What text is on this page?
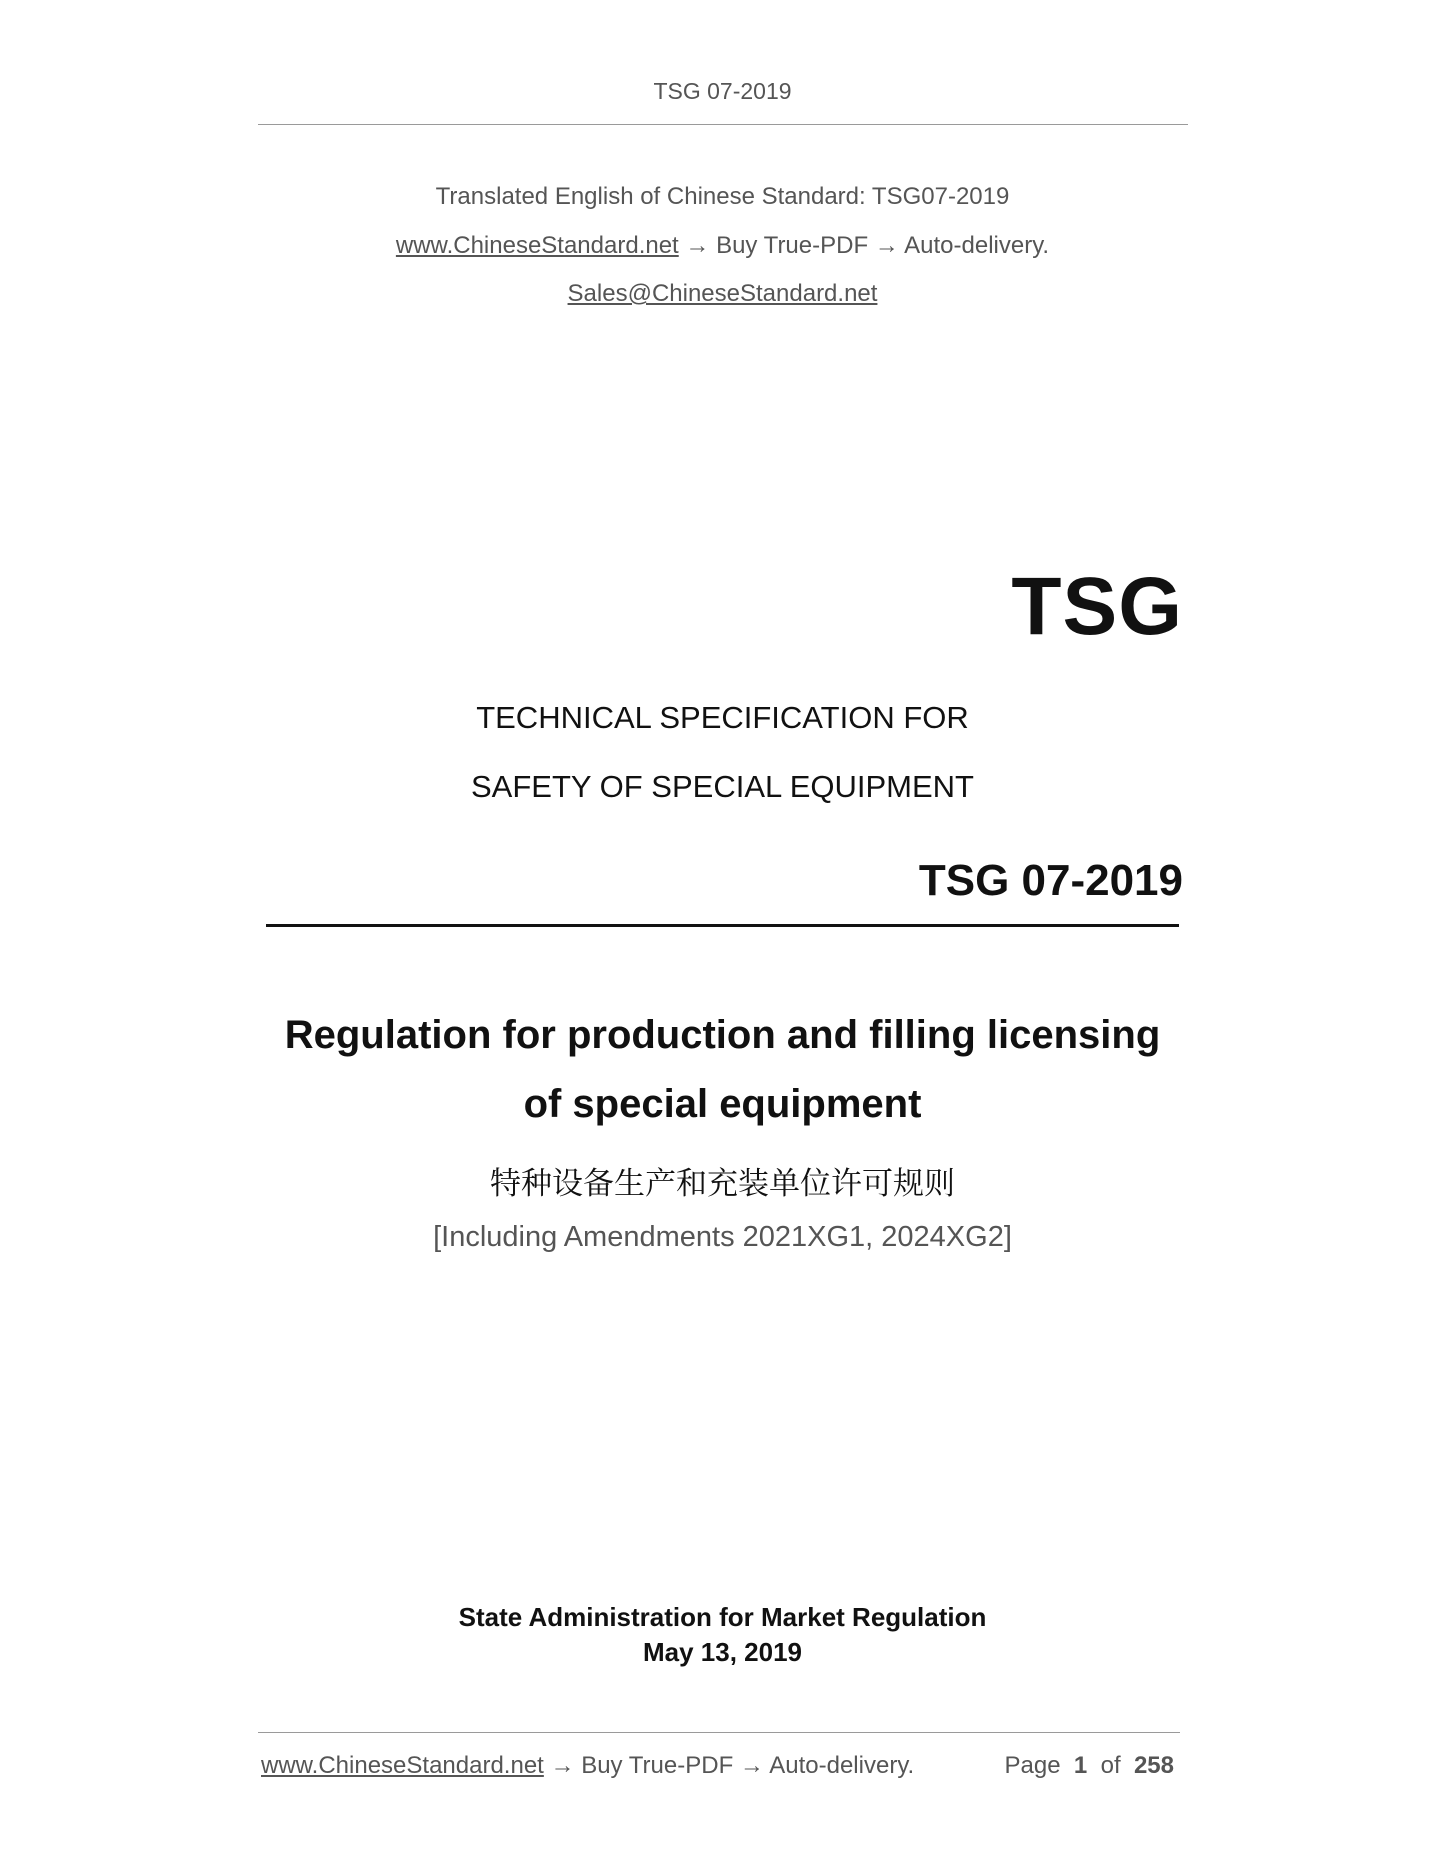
TSG 07-2019
Translated English of Chinese Standard: TSG07-2019
www.ChineseStandard.net → Buy True-PDF → Auto-delivery.
Sales@ChineseStandard.net
TSG
TECHNICAL SPECIFICATION FOR
SAFETY OF SPECIAL EQUIPMENT
TSG 07-2019
Regulation for production and filling licensing
of special equipment
特种设备生产和充装单位许可规则
[Including Amendments 2021XG1, 2024XG2]
State Administration for Market Regulation
May 13, 2019
www.ChineseStandard.net → Buy True-PDF → Auto-delivery.	Page 1 of 258
